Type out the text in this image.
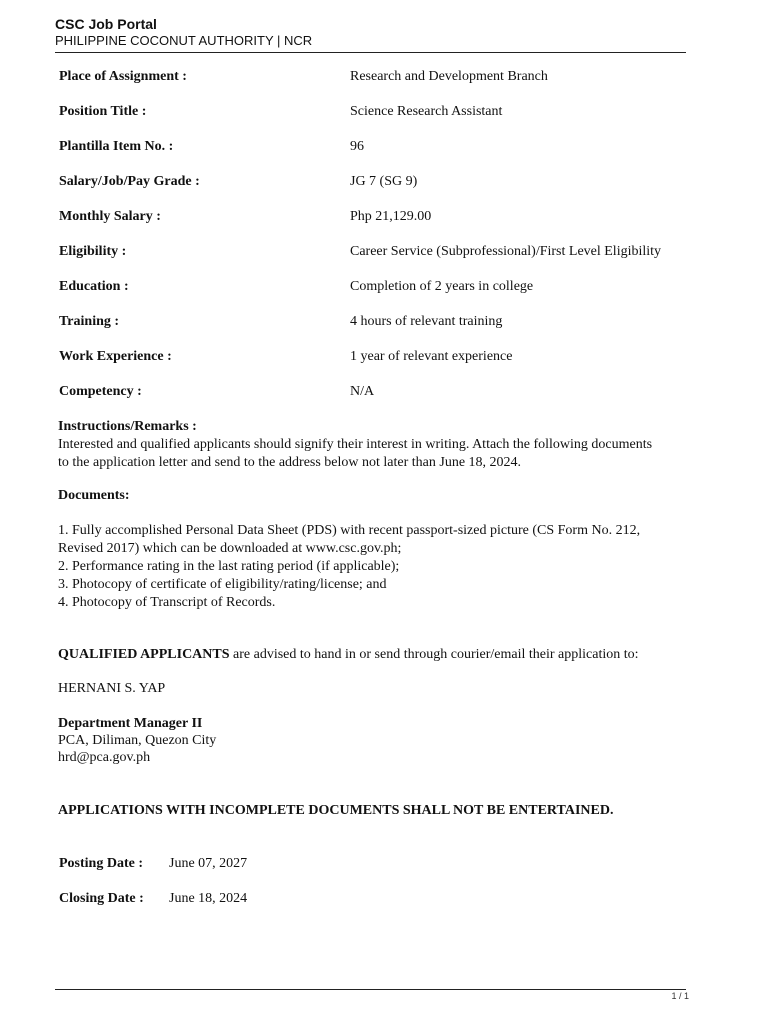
CSC Job Portal
PHILIPPINE COCONUT AUTHORITY | NCR
Place of Assignment :	Research and Development Branch
Position Title :	Science Research Assistant
Plantilla Item No. :	96
Salary/Job/Pay Grade :	JG 7 (SG 9)
Monthly Salary :	Php 21,129.00
Eligibility :	Career Service (Subprofessional)/First Level Eligibility
Education :	Completion of 2 years in college
Training :	4 hours of relevant training
Work Experience :	1 year of relevant experience
Competency :	N/A
Instructions/Remarks :
Interested and qualified applicants should signify their interest in writing. Attach the following documents
to the application letter and send to the address below not later than June 18, 2024.
Documents:
1. Fully accomplished Personal Data Sheet (PDS) with recent passport-sized picture (CS Form No. 212,
Revised 2017) which can be downloaded at www.csc.gov.ph;
2. Performance rating in the last rating period (if applicable);
3. Photocopy of certificate of eligibility/rating/license; and
4. Photocopy of Transcript of Records.
QUALIFIED APPLICANTS are advised to hand in or send through courier/email their application to:
HERNANI S. YAP
Department Manager II
PCA, Diliman, Quezon City
hrd@pca.gov.ph
APPLICATIONS WITH INCOMPLETE DOCUMENTS SHALL NOT BE ENTERTAINED.
Posting Date :	June 07, 2027
Closing Date :	June 18, 2024
1 / 1
